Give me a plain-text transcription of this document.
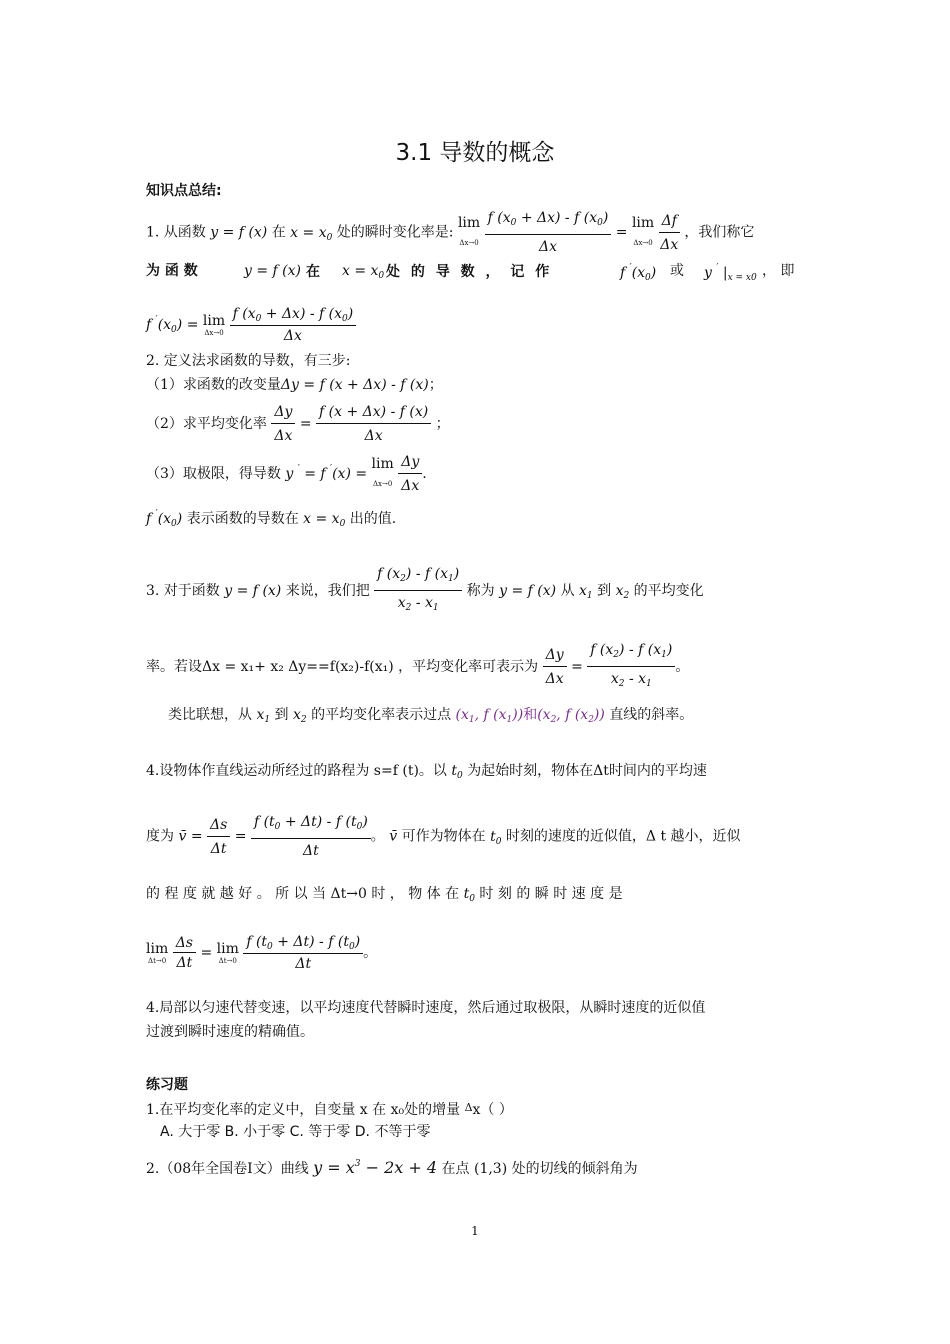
3.1 导数的概念
知识点总结:
1. 从函数 y = f (x) 在 $x = x_0$ 处的瞬时变化率是:
lim
Δx→0
$\frac{f (x_0 + \Delta x) - f (x_0)}{\Delta x}$ =
lim
Δx→0
$\frac{\Delta f}{\Delta x}$ ，我们称它
为 函 数	y = f (x) 在 $x = x_0$ 处 的 导 数 ， 记 作	f $'(x_0)$ 或 y ′ $|_{x = x0}$ ， 即
f $'(x_0) = \lim$
Δx→0
$\frac{f (x_0 + \Delta x) - f (x_0)}{\Delta x}$
2. 定义法求函数的导数，有三步:
（1）求函数的改变量Δy = f (x + Δx) - f (x)；
（2）求平均变化率 $\frac{\Delta y}{\Delta x} = \frac{f (x + \Delta x) - f (x)}{\Delta x}$ ；
（3）取极限，得导数 y ′ = f ′(x) =
lim
Δx→0
$\frac{\Delta y}{\Delta x}$ .
f $'(x_0)$ 表示函数的导数在 $x = x_0$ 出的值.
3. 对于函数 y = f (x) 来说，我们把 $\frac{f (x_2) - f (x_1)}{x_2 - x_1}$ 称为 y = f (x) 从 $x_1$ 到 $x_2$ 的平均变化
率。若设Δx = x₁+ x₂ Δy==f(x₂)-f(x₁) ，平均变化率可表示为 $\frac{\Delta y}{\Delta x} = \frac{f (x_2) - f (x_1)}{x_2 - x_1}$ 。
类比联想，从 $x_1$ 到 $x_2$ 的平均变化率表示过点 ($x_1$, f $(x_1)$)和($x_2$, f $(x_2)$) 直线的斜率。
4.设物体作直线运动所经过的路程为 s=f (t)。以 $t_0$ 为起始时刻，物体在Δt时间内的平均速
度为 v̄ = $\frac{\Delta s}{\Delta t} = \frac{f (t_0 + \Delta t) - f (t_0)}{\Delta t}$ 。 v̄ 可作为物体在 $t_0$ 时刻的速度的近似值，Δ t 越小，近似
的 程 度 就 越 好 。 所 以 当 Δt→0 时 ， 物 体 在 $t_0$ 时 刻 的 瞬 时 速 度 是
lim
Δt→0
$\frac{\Delta s}{\Delta t} = \lim$
Δt→0
$\frac{f (t_0 + \Delta t) - f (t_0)}{\Delta t}$ 。
4.局部以匀速代替变速，以平均速度代替瞬时速度，然后通过取极限，从瞬时速度的近似值
过渡到瞬时速度的精确值。
练习题
1.在平均变化率的定义中，自变量 x 在 x₀处的增量 $^\Delta$x（ ）
A. 大于零 B. 小于零 C. 等于零 D. 不等于零
2.（08年全国卷Ⅰ文）曲线 $y = x^3 - 2x + 4$ 在点 (1,3) 处的切线的倾斜角为
1
